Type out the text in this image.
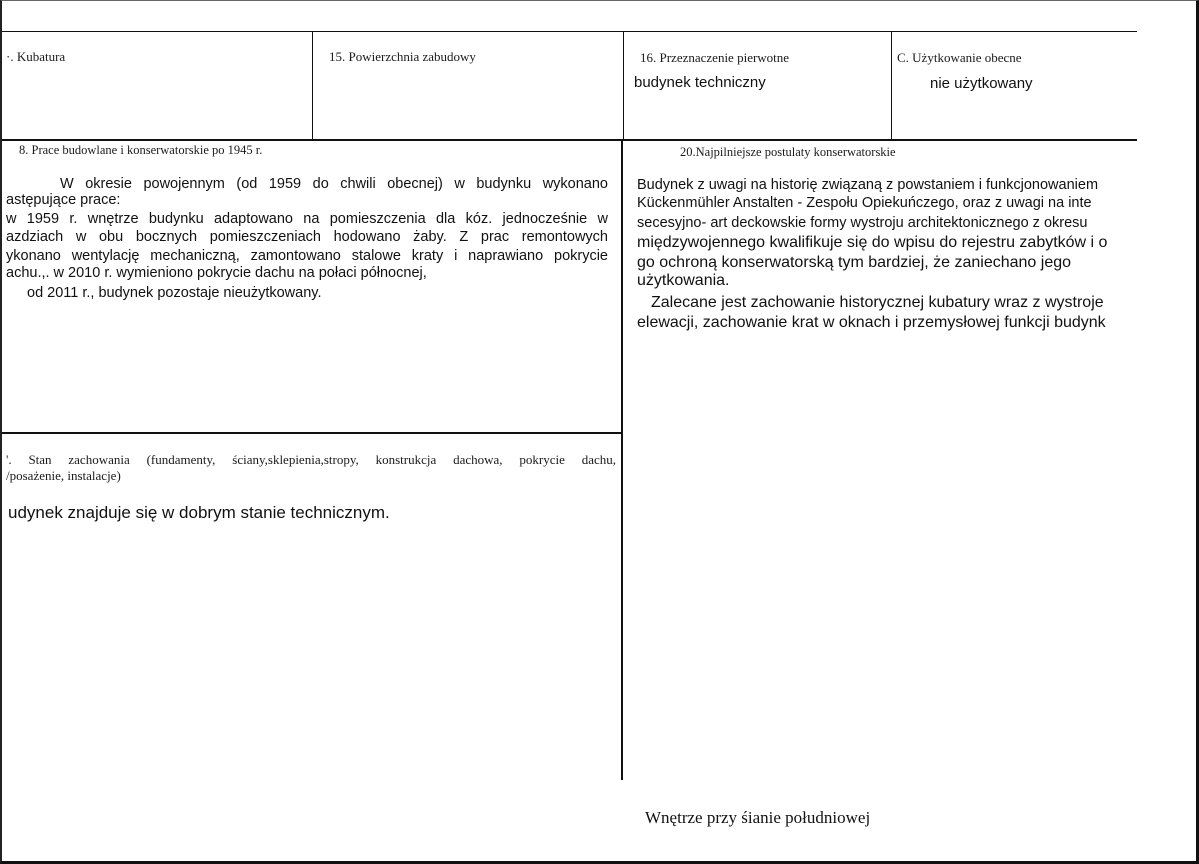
·. Kubatura	15. Powierzchnia zabudowy	16. Przeznaczenie pierwotne
budynek techniczny
C. Użytkowanie obecne
nie użytkowany
8. Prace budowlane i konserwatorskie po 1945 r.
W okresie powojennym (od 1959 do chwili obecnej) w budynku wykonano
astępujące prace:
w 1959 r. wnętrze budynku adaptowano na pomieszczenia dla kóz. jednocześnie w
azdziach w obu bocznych pomieszczeniach hodowano żaby. Z prac remontowych
ykonano wentylację mechaniczną, zamontowano stalowe kraty i naprawiano pokrycie
achu.,. w 2010 r. wymieniono pokrycie dachu na połaci północnej,
od 2011 r., budynek pozostaje nieużytkowany.
20.Najpilniejsze postulaty konserwatorskie
Budynek z uwagi na historię związaną z powstaniem i funkcjonowaniem
Kückenmühler Anstalten - Zespołu Opiekuńczego, oraz z uwagi na inte
secesyjno- art deckowskie formy wystroju architektonicznego z okresu
międzywojennego kwalifikuje się do wpisu do rejestru zabytków i o
go ochroną konserwatorską tym bardziej, że zaniechano jego
użytkowania.
Zalecane jest zachowanie historycznej kubatury wraz z wystroje
elewacji, zachowanie krat w oknach i przemysłowej funkcji budynk
'. Stan zachowania (fundamenty, ściany,sklepienia,stropy, konstrukcja dachowa, pokrycie dachu,
/posażenie, instalacje)
udynek znajduje się w dobrym stanie technicznym.
Wnętrze przy śianie południowej
